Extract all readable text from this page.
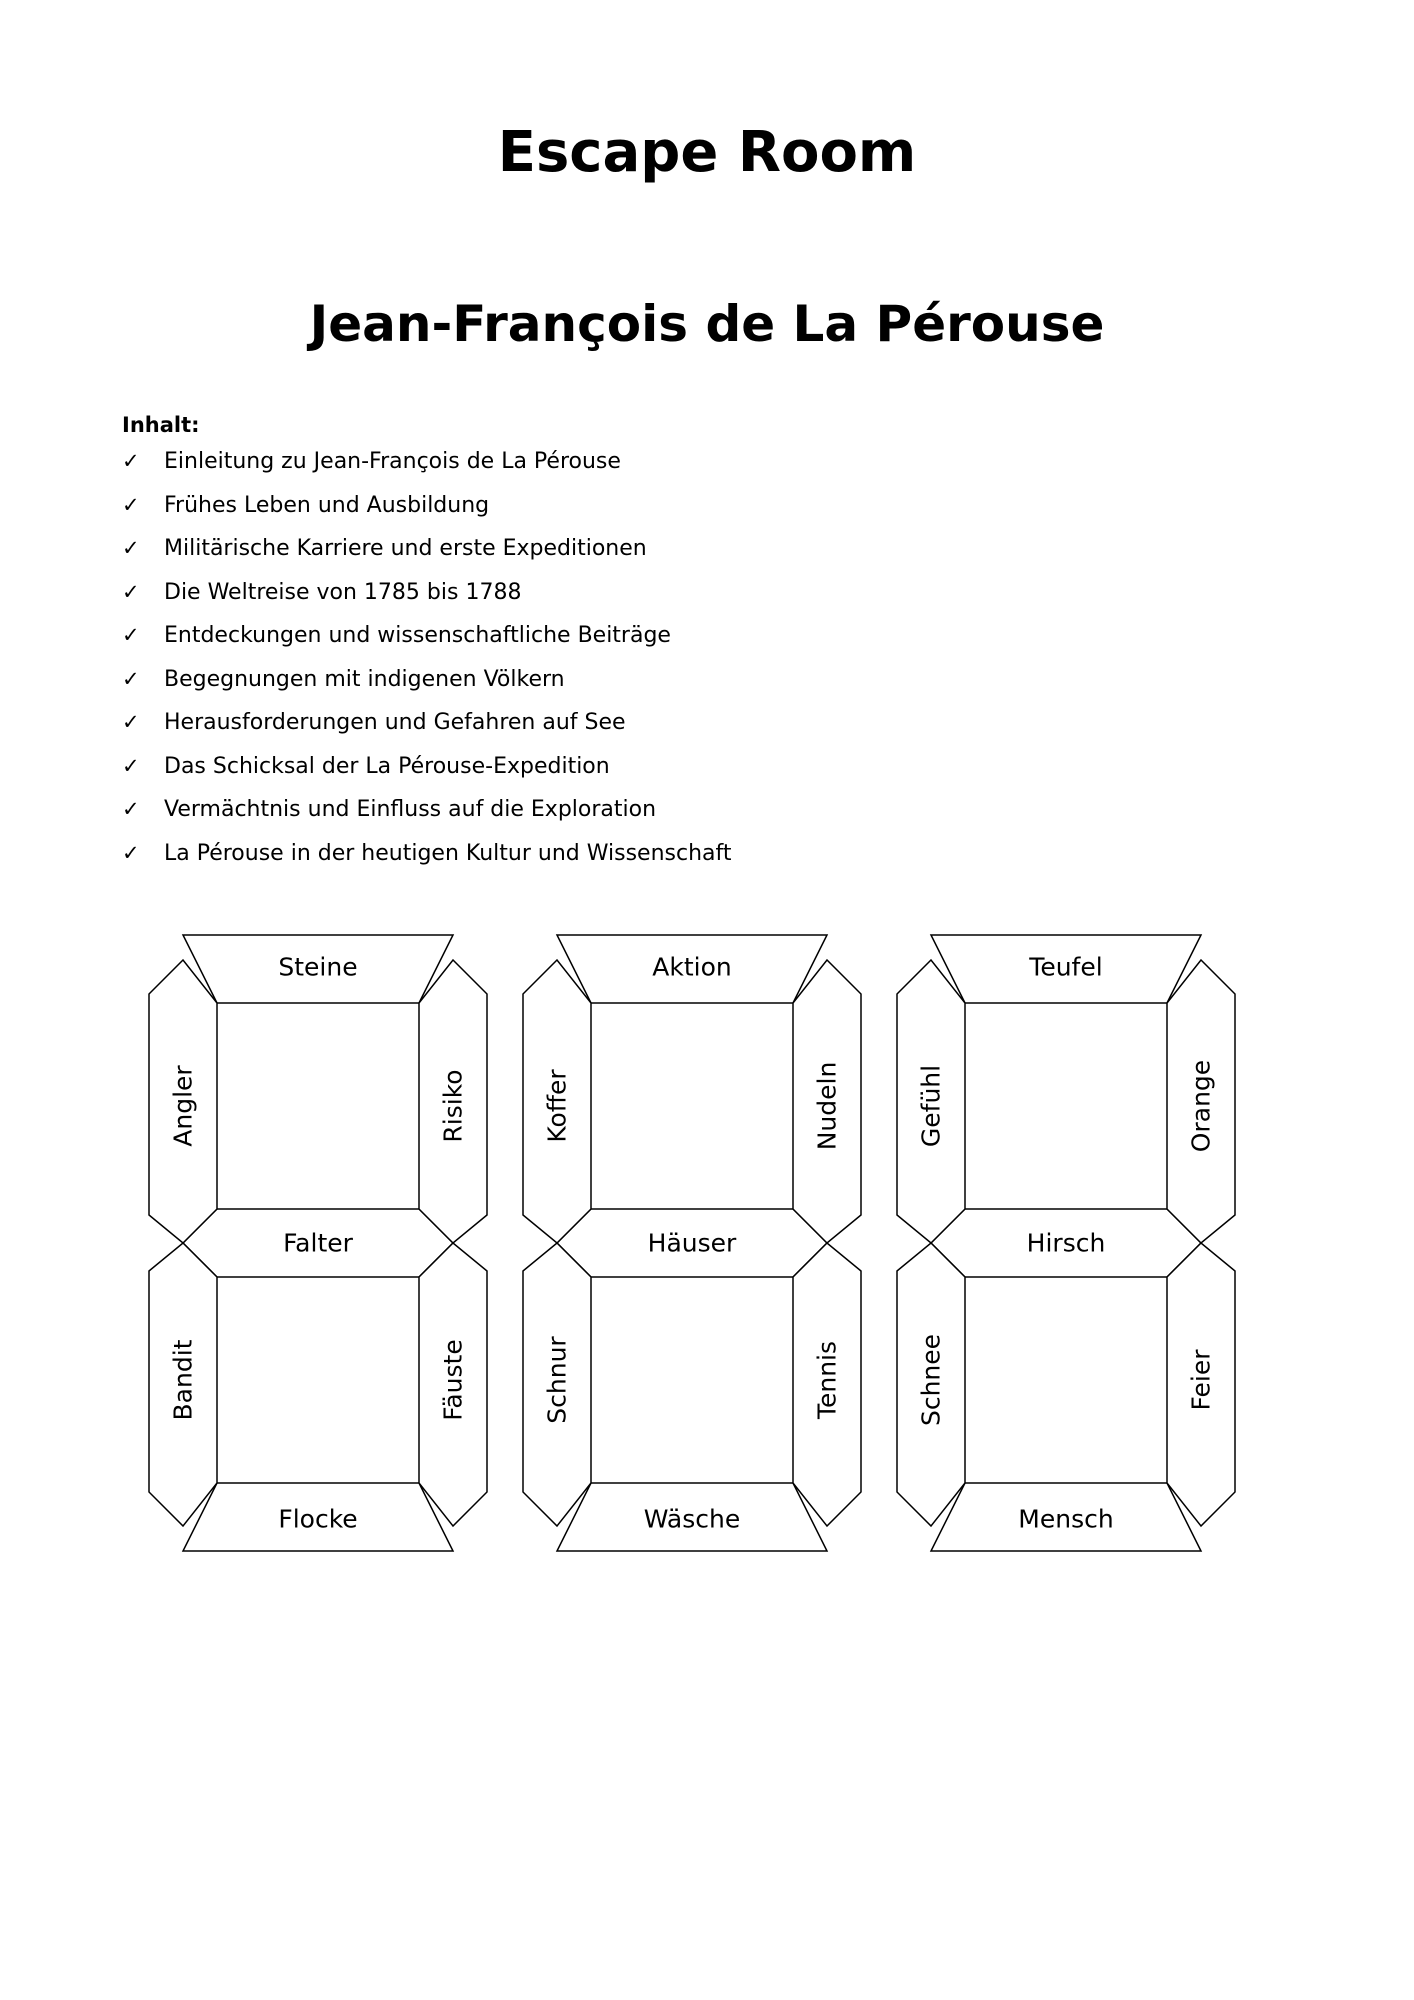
Escape Room
Jean-François de La Pérouse
Inhalt:
✓ Einleitung zu Jean-François de La Pérouse
✓ Frühes Leben und Ausbildung
✓ Militärische Karriere und erste Expeditionen
✓ Die Weltreise von 1785 bis 1788
✓ Entdeckungen und wissenschaftliche Beiträge
✓ Begegnungen mit indigenen Völkern
✓ Herausforderungen und Gefahren auf See
✓ Das Schicksal der La Pérouse-Expedition
✓ Vermächtnis und Einfluss auf die Exploration
✓ La Pérouse in der heutigen Kultur und Wissenschaft
Steine
Falter
Flocke
Angler	Risiko
Bandit	Fäuste
Aktion
Häuser
Wäsche
Koffer	Nudeln
Schnur	Tennis
Teufel
Hirsch
Mensch
Gefühl	Orange
Schnee	Feier
